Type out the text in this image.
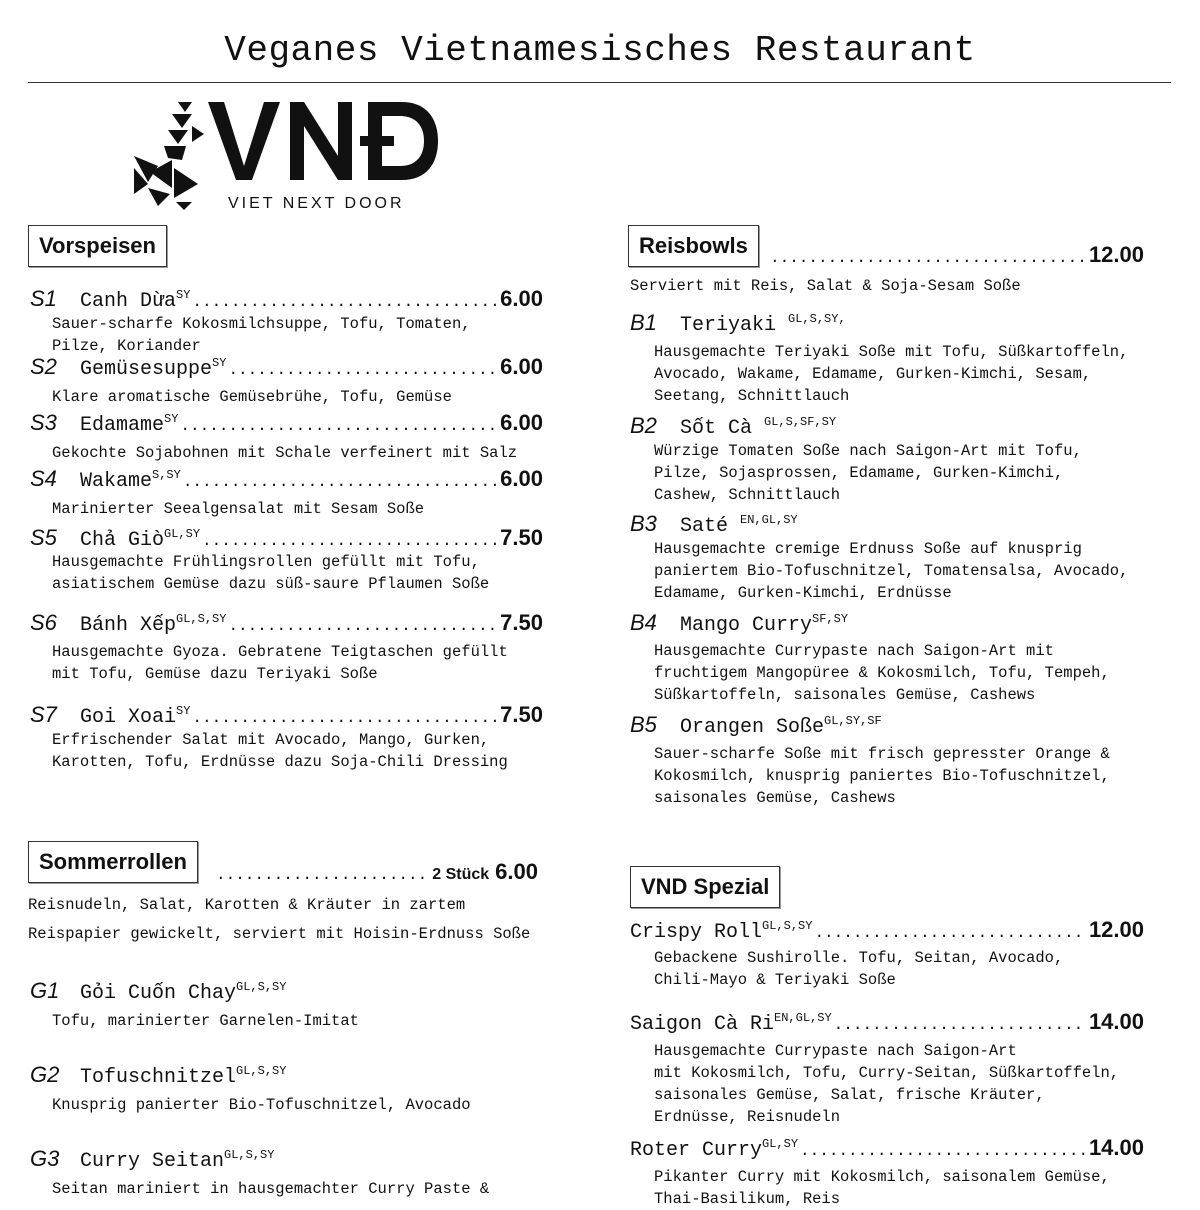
Veganes Vietnamesisches Restaurant
VIET NEXT DOOR
Vorspeisen
S1	Canh Dừa$^{SY}$ .....	6.00
Sauer-scharfe Kokosmilchsuppe, Tofu, Tomaten,
Pilze, Koriander
S2	Gemüsesuppe$^{SY}$ .....	6.00
Klare aromatische Gemüsebrühe, Tofu, Gemüse
S3	Edamame$^{SY}$ .....	6.00
Gekochte Sojabohnen mit Schale verfeinert mit Salz
S4	Wakame$^{S,SY}$ .....	6.00
Marinierter Seealgensalat mit Sesam Soße
S5	Chả Giò$^{GL,SY}$ .....	7.50
Hausgemachte Frühlingsrollen gefüllt mit Tofu,
asiatischem Gemüse dazu süß-saure Pflaumen Soße
S6	Bánh Xếp$^{GL,S,SY}$ .....	7.50
Hausgemachte Gyoza. Gebratene Teigtaschen gefüllt
mit Tofu, Gemüse dazu Teriyaki Soße
S7	Goi Xoai$^{SY}$ .....	7.50
Erfrischender Salat mit Avocado, Mango, Gurken,
Karotten, Tofu, Erdnüsse dazu Soja-Chili Dressing
Sommerrollen
.....
2 Stück 6.00
Reisnudeln, Salat, Karotten & Kräuter in zartem
Reispapier gewickelt, serviert mit Hoisin-Erdnuss Soße
G1	Gỏi Cuốn Chay$^{GL,S,SY}$
Tofu, marinierter Garnelen-Imitat
G2	Tofuschnitzel$^{GL,S,SY}$
Knusprig panierter Bio-Tofuschnitzel, Avocado
G3	Curry Seitan$^{GL,S,SY}$
Seitan mariniert in hausgemachter Curry Paste &
Reisbowls .....	12.00
Serviert mit Reis, Salat & Soja-Sesam Soße
B1	Teriyaki $^{GL,S,SY,}$
Hausgemachte Teriyaki Soße mit Tofu, Süßkartoffeln,
Avocado, Wakame, Edamame, Gurken-Kimchi, Sesam,
Seetang, Schnittlauch
B2	Sốt Cà $^{GL,S,SF,SY}$
Würzige Tomaten Soße nach Saigon-Art mit Tofu,
Pilze, Sojasprossen, Edamame, Gurken-Kimchi,
Cashew, Schnittlauch
B3	Saté $^{EN,GL,SY}$
Hausgemachte cremige Erdnuss Soße auf knusprig
paniertem Bio-Tofuschnitzel, Tomatensalsa, Avocado,
Edamame, Gurken-Kimchi, Erdnüsse
B4	Mango Curry$^{SF,SY}$
Hausgemachte Currypaste nach Saigon-Art mit
fruchtigem Mangopüree & Kokosmilch, Tofu, Tempeh,
Süßkartoffeln, saisonales Gemüse, Cashews
B5	Orangen Soße$^{GL,SY,SF}$
Sauer-scharfe Soße mit frisch gepresster Orange &
Kokosmilch, knusprig paniertes Bio-Tofuschnitzel,
saisonales Gemüse, Cashews
VND Spezial
Crispy Roll$^{GL,S,SY}$ .....	12.00
Gebackene Sushirolle. Tofu, Seitan, Avocado,
Chili-Mayo & Teriyaki Soße
Saigon Cà $Ri^{EN,GL,SY}$ .....	14.00
Hausgemachte Currypaste nach Saigon-Art
mit Kokosmilch, Tofu, Curry-Seitan, Süßkartoffeln,
saisonales Gemüse, Salat, frische Kräuter,
Erdnüsse, Reisnudeln
Roter Curry$^{GL,SY}$ .....	14.00
Pikanter Curry mit Kokosmilch, saisonalem Gemüse,
Thai-Basilikum, Reis
